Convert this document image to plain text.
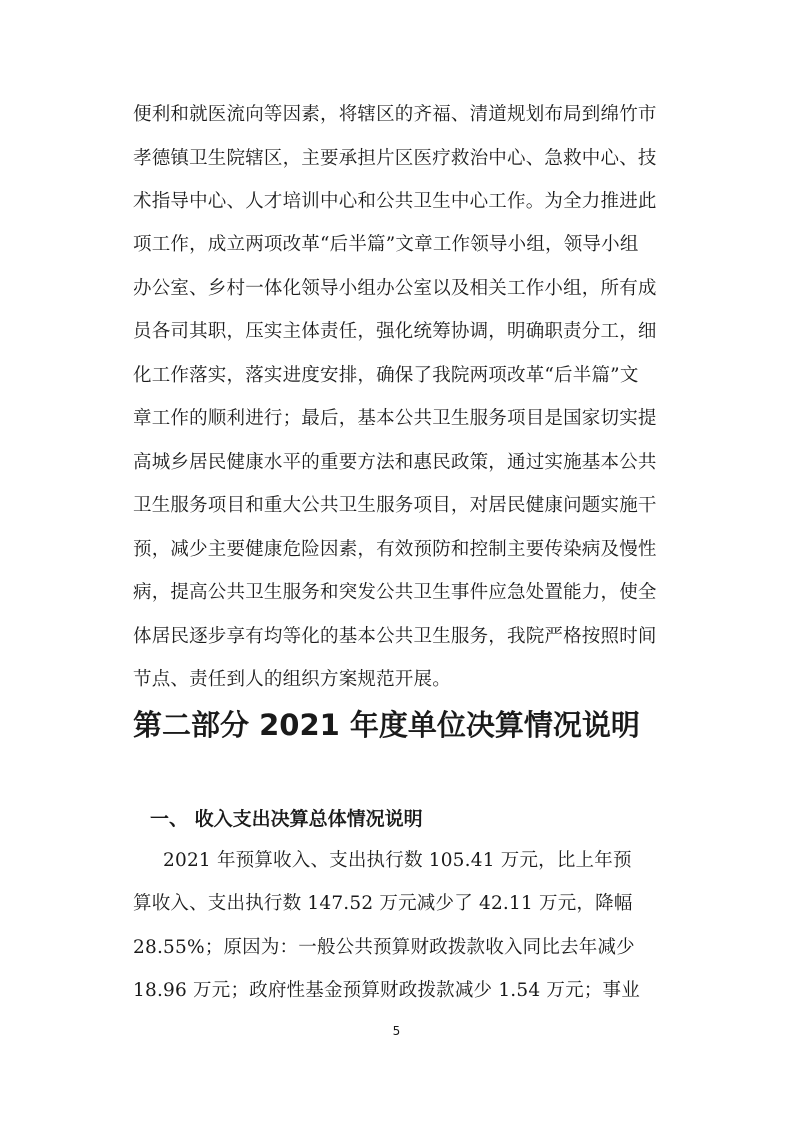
便利和就医流向等因素，将辖区的齐福、清道规划布局到绵竹市
孝德镇卫生院辖区，主要承担片区医疗救治中心、急救中心、技
术指导中心、人才培训中心和公共卫生中心工作。为全力推进此
项工作，成立两项改革“后半篇”文章工作领导小组，领导小组
办公室、乡村一体化领导小组办公室以及相关工作小组，所有成
员各司其职，压实主体责任，强化统筹协调，明确职责分工，细
化工作落实，落实进度安排，确保了我院两项改革“后半篇”文
章工作的顺利进行；最后，基本公共卫生服务项目是国家切实提
高城乡居民健康水平的重要方法和惠民政策，通过实施基本公共
卫生服务项目和重大公共卫生服务项目，对居民健康问题实施干
预，减少主要健康危险因素，有效预防和控制主要传染病及慢性
病，提高公共卫生服务和突发公共卫生事件应急处置能力，使全
体居民逐步享有均等化的基本公共卫生服务，我院严格按照时间
节点、责任到人的组织方案规范开展。
第二部分 2021 年度单位决算情况说明
一、 收入支出决算总体情况说明
2021 年预算收入、支出执行数 105.41 万元，比上年预
算收入、支出执行数 147.52 万元减少了 42.11 万元，降幅
28.55%；原因为：一般公共预算财政拨款收入同比去年减少
18.96 万元；政府性基金预算财政拨款减少 1.54 万元；事业
5
